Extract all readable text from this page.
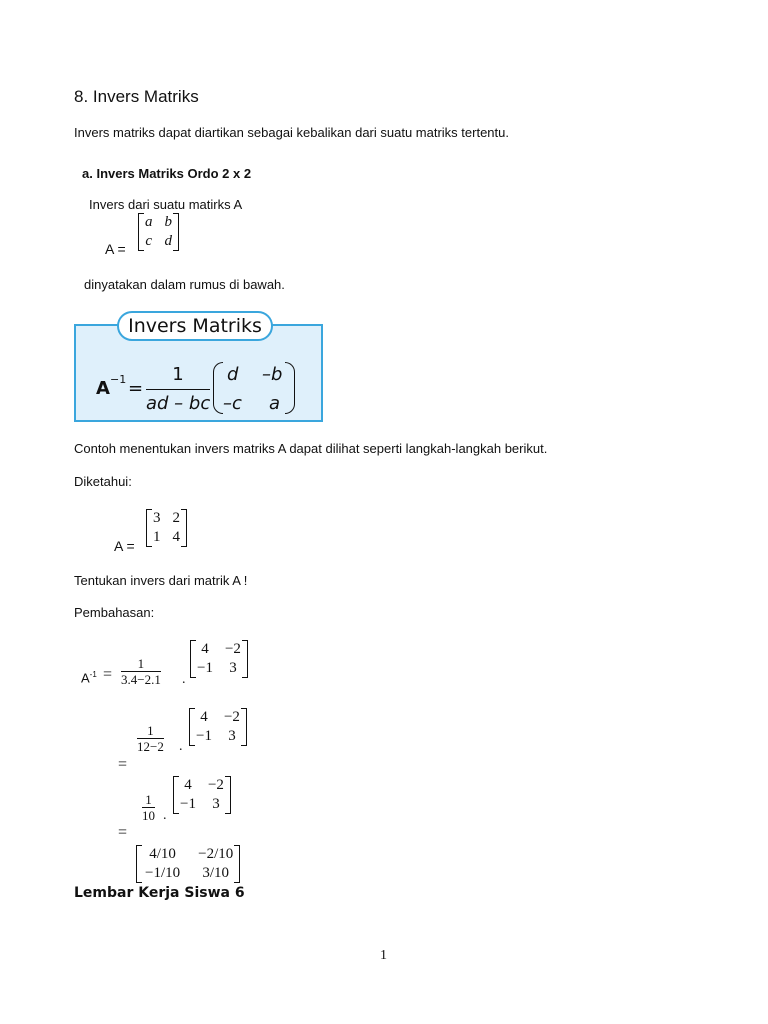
8. Invers Matriks
Invers matriks dapat diartikan sebagai kebalikan dari suatu matriks tertentu.
a. Invers Matriks Ordo 2 x 2
Invers dari suatu matirks A
A =
a	b
c	d
dinyatakan dalam rumus di bawah.
Invers Matriks
A −1 =
1
ad – bc
d –b
–c a
Contoh menentukan invers matriks A dapat dilihat seperti langkah-langkah berikut.
Diketahui:
A =
3	2
1	4
Tentukan invers dari matrik A !
Pembahasan:
$A^{-1}$ =
1
3.4−2.1 .
4	−2
−1	3
1
12−2 .
4	−2
−1	3
=
1
10 .
4	−2
−1	3
=
4/10	−2/10
−1/10	3/10
Lembar Kerja Siswa 6
1
